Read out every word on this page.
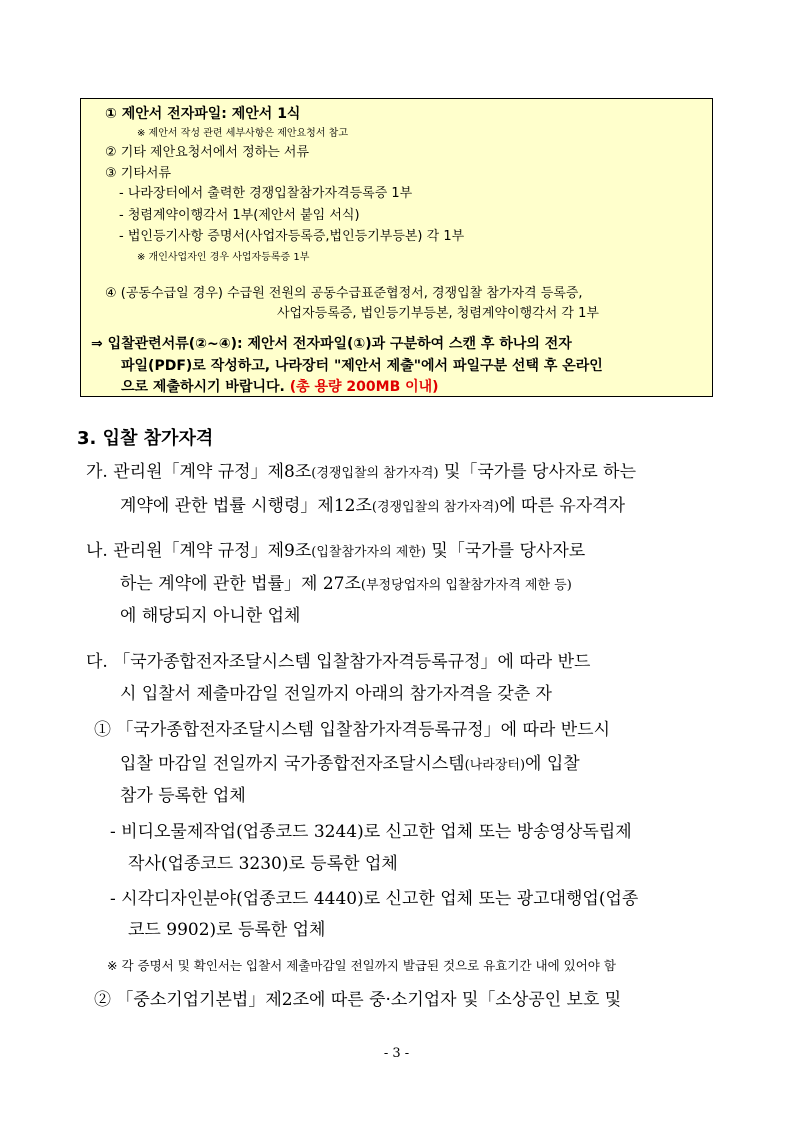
① 제안서 전자파일: 제안서 1식
※ 제안서 작성 관련 세부사항은 제안요청서 참고
② 기타 제안요청서에서 정하는 서류
③ 기타서류
- 나라장터에서 출력한 경쟁입찰참가자격등록증 1부
- 청렴계약이행각서 1부(제안서 붙임 서식)
- 법인등기사항 증명서(사업자등록증,법인등기부등본) 각 1부
※ 개인사업자인 경우 사업자등록증 1부
④ (공동수급일 경우) 수급원 전원의 공동수급표준협정서, 경쟁입찰 참가자격 등록증,
사업자등록증, 법인등기부등본, 청렴계약이행각서 각 1부
⇒ 입찰관련서류(②~④): 제안서 전자파일(①)과 구분하여 스캔 후 하나의 전자
파일(PDF)로 작성하고, 나라장터 "제안서 제출"에서 파일구분 선택 후 온라인
으로 제출하시기 바랍니다. (총 용량 200MB 이내)
3. 입찰 참가자격
가. 관리원「계약 규정」제8조(경쟁입찰의 참가자격) 및「국가를 당사자로 하는
계약에 관한 법률 시행령」제12조(경쟁입찰의 참가자격)에 따른 유자격자
나. 관리원「계약 규정」제9조(입찰참가자의 제한) 및「국가를 당사자로
하는 계약에 관한 법률」제 27조(부정당업자의 입찰참가자격 제한 등)
에 해당되지 아니한 업체
다. 「국가종합전자조달시스템 입찰참가자격등록규정」에 따라 반드
시 입찰서 제출마감일 전일까지 아래의 참가자격을 갖춘 자
① 「국가종합전자조달시스템 입찰참가자격등록규정」에 따라 반드시
입찰 마감일 전일까지 국가종합전자조달시스템(나라장터)에 입찰
참가 등록한 업체
- 비디오물제작업(업종코드 3244)로 신고한 업체 또는 방송영상독립제
작사(업종코드 3230)로 등록한 업체
- 시각디자인분야(업종코드 4440)로 신고한 업체 또는 광고대행업(업종
코드 9902)로 등록한 업체
※ 각 증명서 및 확인서는 입찰서 제출마감일 전일까지 발급된 것으로 유효기간 내에 있어야 함
② 「중소기업기본법」제2조에 따른 중·소기업자 및「소상공인 보호 및
- 3 -
